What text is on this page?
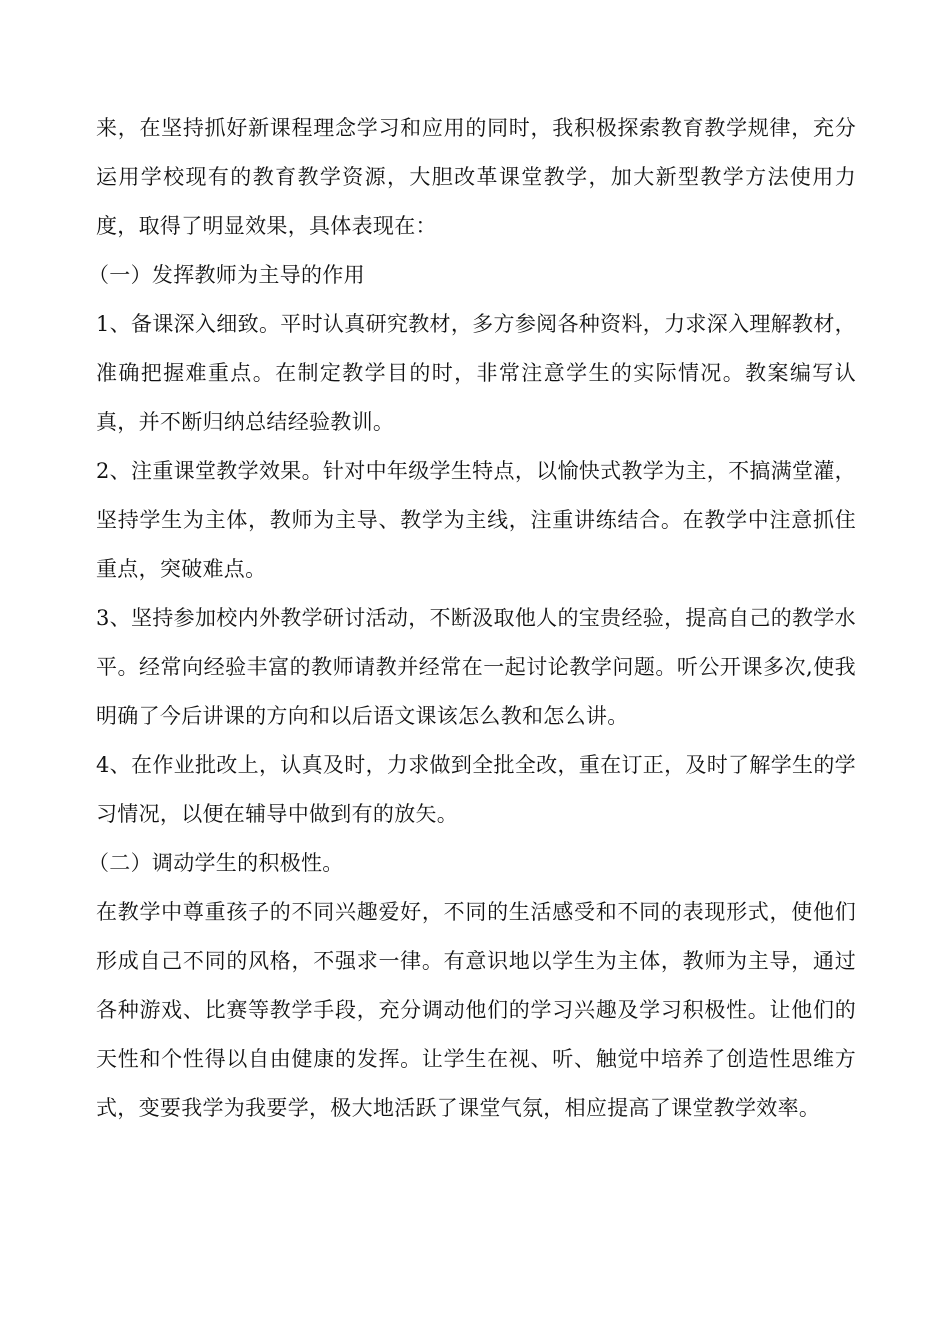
来，在坚持抓好新课程理念学习和应用的同时，我积极探索教育教学规律，充分运用学校现有的教育教学资源，大胆改革课堂教学，加大新型教学方法使用力度，取得了明显效果，具体表现在：

（一）发挥教师为主导的作用

1、备课深入细致。平时认真研究教材，多方参阅各种资料，力求深入理解教材，准确把握难重点。在制定教学目的时，非常注意学生的实际情况。教案编写认真，并不断归纳总结经验教训。

2、注重课堂教学效果。针对中年级学生特点，以愉快式教学为主，不搞满堂灌，坚持学生为主体，教师为主导、教学为主线，注重讲练结合。在教学中注意抓住重点，突破难点。

3、坚持参加校内外教学研讨活动，不断汲取他人的宝贵经验，提高自己的教学水平。经常向经验丰富的教师请教并经常在一起讨论教学问题。听公开课多次,使我明确了今后讲课的方向和以后语文课该怎么教和怎么讲。

4、在作业批改上，认真及时，力求做到全批全改，重在订正，及时了解学生的学习情况，以便在辅导中做到有的放矢。

（二）调动学生的积极性。

在教学中尊重孩子的不同兴趣爱好，不同的生活感受和不同的表现形式，使他们形成自己不同的风格，不强求一律。有意识地以学生为主体，教师为主导，通过各种游戏、比赛等教学手段，充分调动他们的学习兴趣及学习积极性。让他们的天性和个性得以自由健康的发挥。让学生在视、听、触觉中培养了创造性思维方式，变要我学为我要学，极大地活跃了课堂气氛，相应提高了课堂教学效率。
